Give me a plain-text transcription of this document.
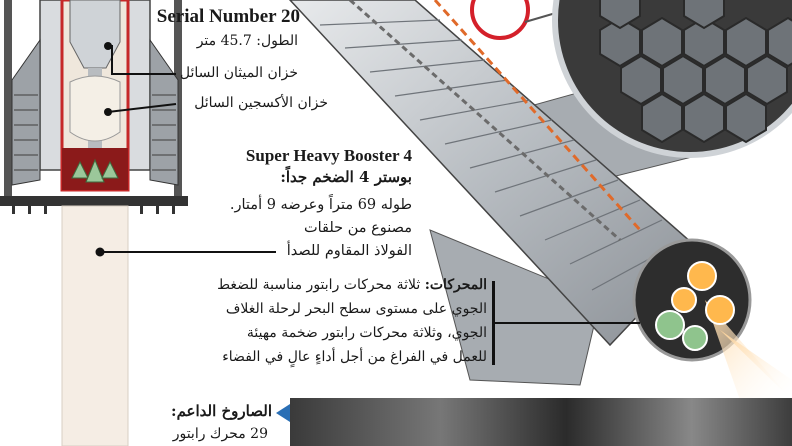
Serial Number 20
الطول: 45.7 متر
خزان الميثان السائل
خزان الأكسجين السائل
Super Heavy Booster 4
بوستر 4 الضخم جداً:
طوله 69 متراً وعرضه 9 أمتار.
مصنوع من حلقات
الفولاذ المقاوم للصدأ
المحركات: ثلاثة محركات رابتور مناسبة للضغط
الجوي على مستوى سطح البحر لرحلة الغلاف
الجوي، وثلاثة محركات رابتور ضخمة مهيئة
للعمل في الفراغ من أجل أداءٍ عالٍ في الفضاء
الصاروخ الداعم:
29 محرك رابتور
